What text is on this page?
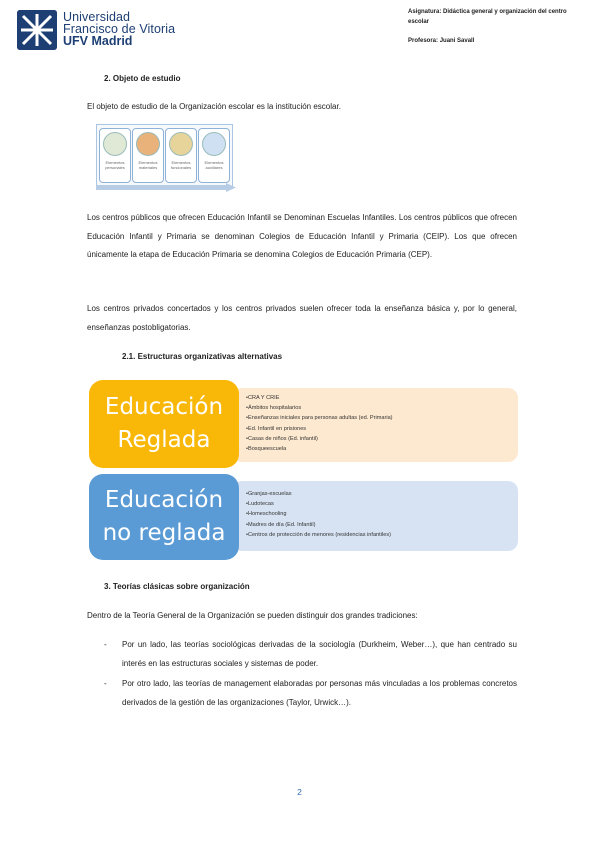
Universidad
Francisco de Vitoria
UFV Madrid
Asignatura: Didáctica general y organización del centro escolar
Profesora: Juani Savall
2. Objeto de estudio
El objeto de estudio de la Organización escolar es la institución escolar.
Elementos personales
Elementos materiales
Elementos funcionales
Elementos auxiliares
Los centros públicos que ofrecen Educación Infantil se Denominan Escuelas Infantiles. Los centros públicos que ofrecen Educación Infantil y Primaria se denominan Colegios de Educación Infantil y Primaria (CEIP). Los que ofrecen únicamente la etapa de Educación Primaria se denomina Colegios de Educación Primaria (CEP).
Los centros privados concertados y los centros privados suelen ofrecer toda la enseñanza básica y, por lo general, enseñanzas postobligatorias.
2.1. Estructuras organizativas alternativas
•CRA Y CRIE
•Ámbitos hospitalarios
•Enseñanzas iniciales para personas adultas (ed. Primaria)
•Ed. Infantil en prisiones
•Casas de niños (Ed. infantil)
•Bosqueescuela
Educación
Reglada
•Granjas-escuelas
•Ludotecas
•Homeschooling
•Madres de día (Ed. Infantil)
•Centros de protección de menores (residencias infantiles)
Educación
no reglada
3. Teorías clásicas sobre organización
Dentro de la Teoría General de la Organización se pueden distinguir dos grandes tradiciones:
- Por un lado, las teorías sociológicas derivadas de la sociología (Durkheim, Weber…), que han centrado su interés en las estructuras sociales y sistemas de poder.
- Por otro lado, las teorías de management elaboradas por personas más vinculadas a los problemas concretos derivados de la gestión de las organizaciones (Taylor, Urwick…).
2
